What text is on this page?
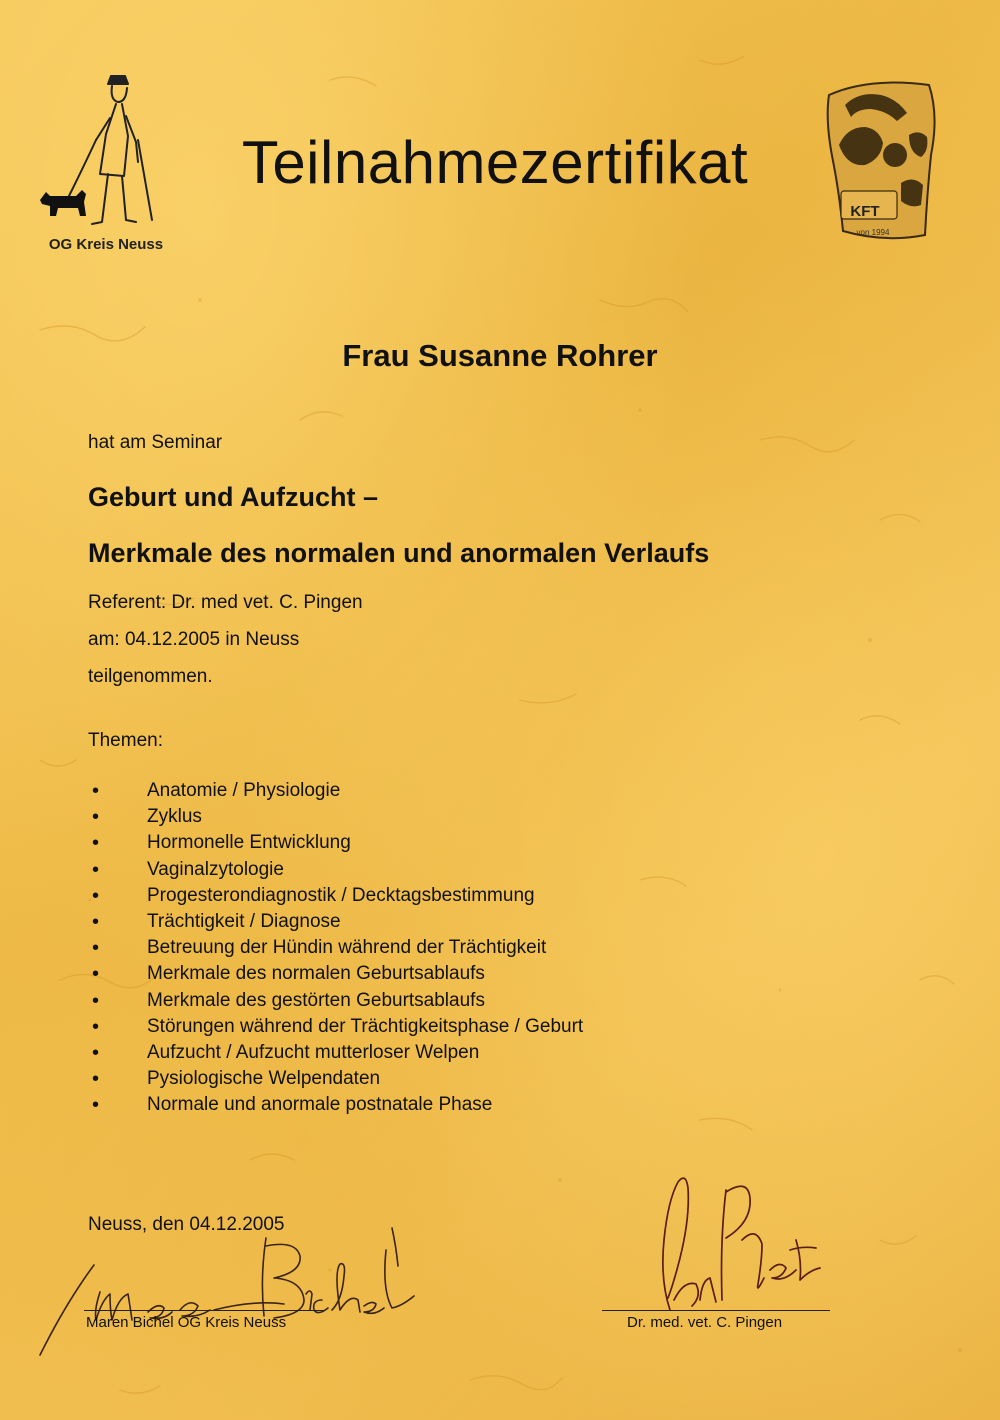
OG Kreis Neuss
Teilnahmezertifikat
KFT
von 1994
Frau Susanne Rohrer
hat am Seminar
Geburt und Aufzucht –
Merkmale des normalen und anormalen Verlaufs
Referent: Dr. med vet. C. Pingen
am: 04.12.2005 in Neuss
teilgenommen.
Themen:
•	Anatomie / Physiologie
•	Zyklus
•	Hormonelle Entwicklung
•	Vaginalzytologie
•	Progesterondiagnostik / Decktagsbestimmung
•	Trächtigkeit / Diagnose
•	Betreuung der Hündin während der Trächtigkeit
•	Merkmale des normalen Geburtsablaufs
•	Merkmale des gestörten Geburtsablaufs
•	Störungen während der Trächtigkeitsphase / Geburt
•	Aufzucht / Aufzucht mutterloser Welpen
•	Pysiologische Welpendaten
•	Normale und anormale postnatale Phase
Neuss, den 04.12.2005
Maren Bichel OG Kreis Neuss	Dr. med. vet. C. Pingen
